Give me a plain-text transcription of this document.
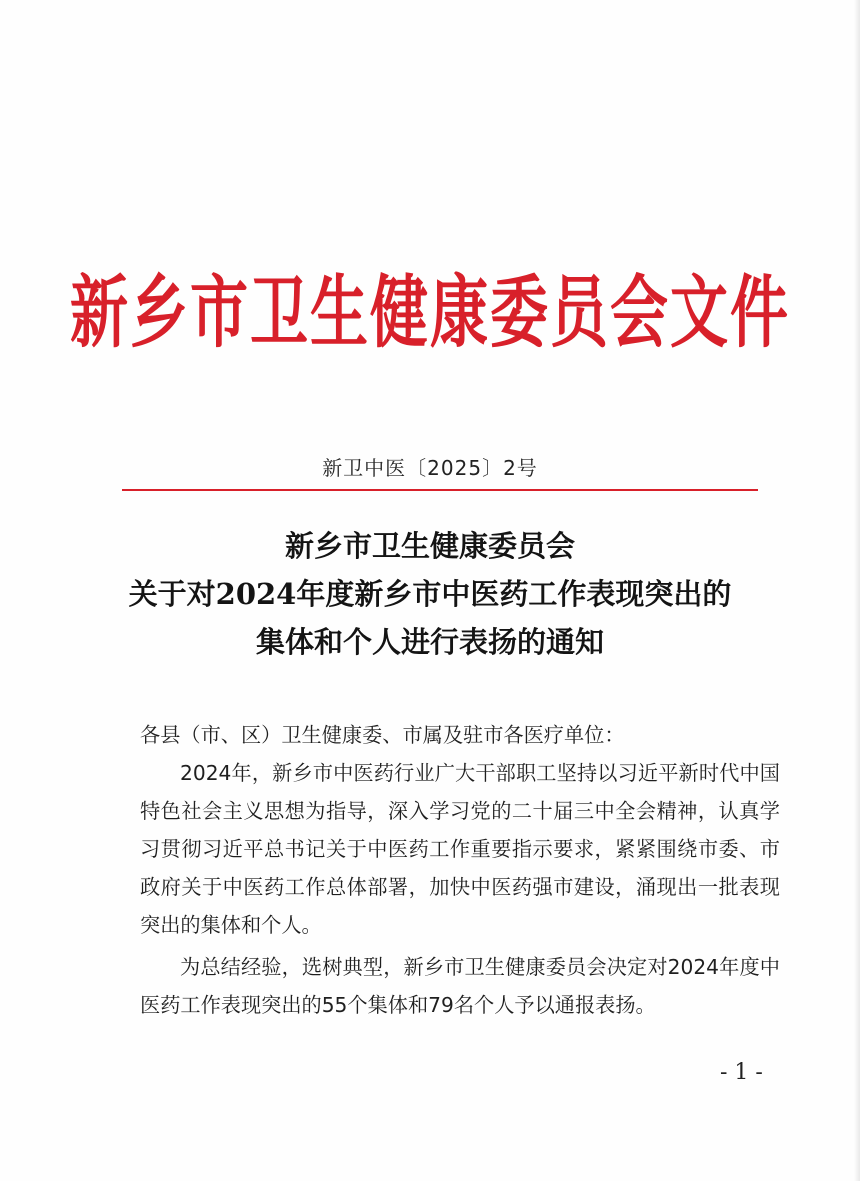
新乡市卫生健康委员会文件
新卫中医〔2025〕2号
新乡市卫生健康委员会
关于对2024年度新乡市中医药工作表现突出的
集体和个人进行表扬的通知

各县（市、区）卫生健康委、市属及驻市各医疗单位：

2024年，新乡市中医药行业广大干部职工坚持以习近平新时代中国特色社会主义思想为指导，深入学习党的二十届三中全会精神，认真学习贯彻习近平总书记关于中医药工作重要指示要求，紧紧围绕市委、市政府关于中医药工作总体部署，加快中医药强市建设，涌现出一批表现突出的集体和个人。

为总结经验，选树典型，新乡市卫生健康委员会决定对2024年度中医药工作表现突出的55个集体和79名个人予以通报表扬。

- 1 -
